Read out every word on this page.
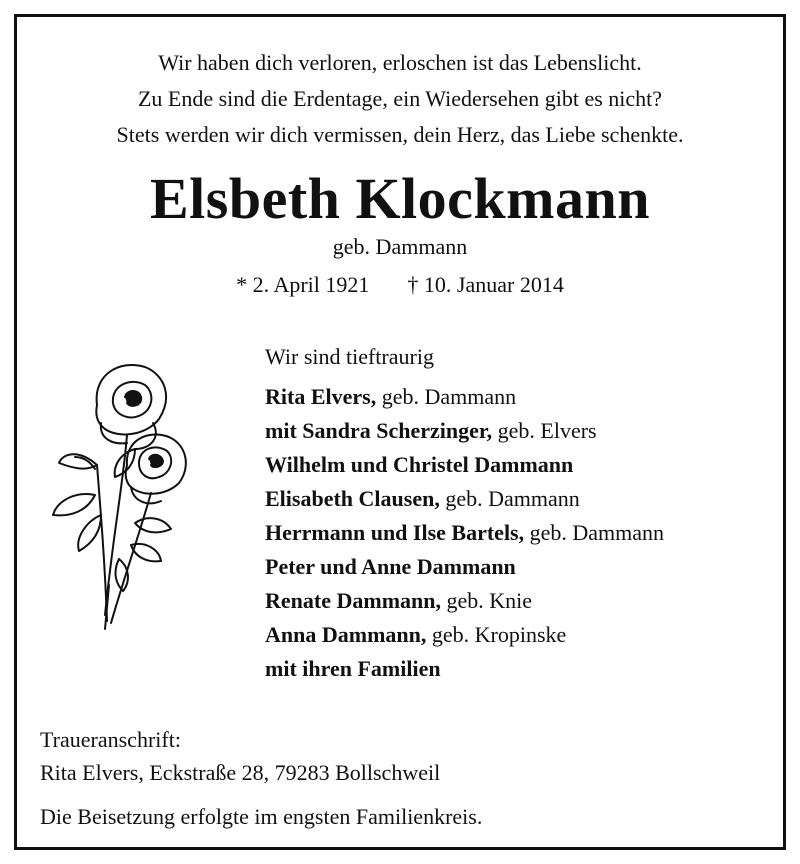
Wir haben dich verloren, erloschen ist das Lebenslicht.
Zu Ende sind die Erdentage, ein Wiedersehen gibt es nicht?
Stets werden wir dich vermissen, dein Herz, das Liebe schenkte.
Elsbeth Klockmann
geb. Dammann
* 2. April 1921 † 10. Januar 2014
Wir sind tieftraurig
Rita Elvers, geb. Dammann
mit Sandra Scherzinger, geb. Elvers
Wilhelm und Christel Dammann
Elisabeth Clausen, geb. Dammann
Herrmann und Ilse Bartels, geb. Dammann
Peter und Anne Dammann
Renate Dammann, geb. Knie
Anna Dammann, geb. Kropinske
mit ihren Familien
Traueranschrift:
Rita Elvers, Eckstraße 28, 79283 Bollschweil
Die Beisetzung erfolgte im engsten Familienkreis.
